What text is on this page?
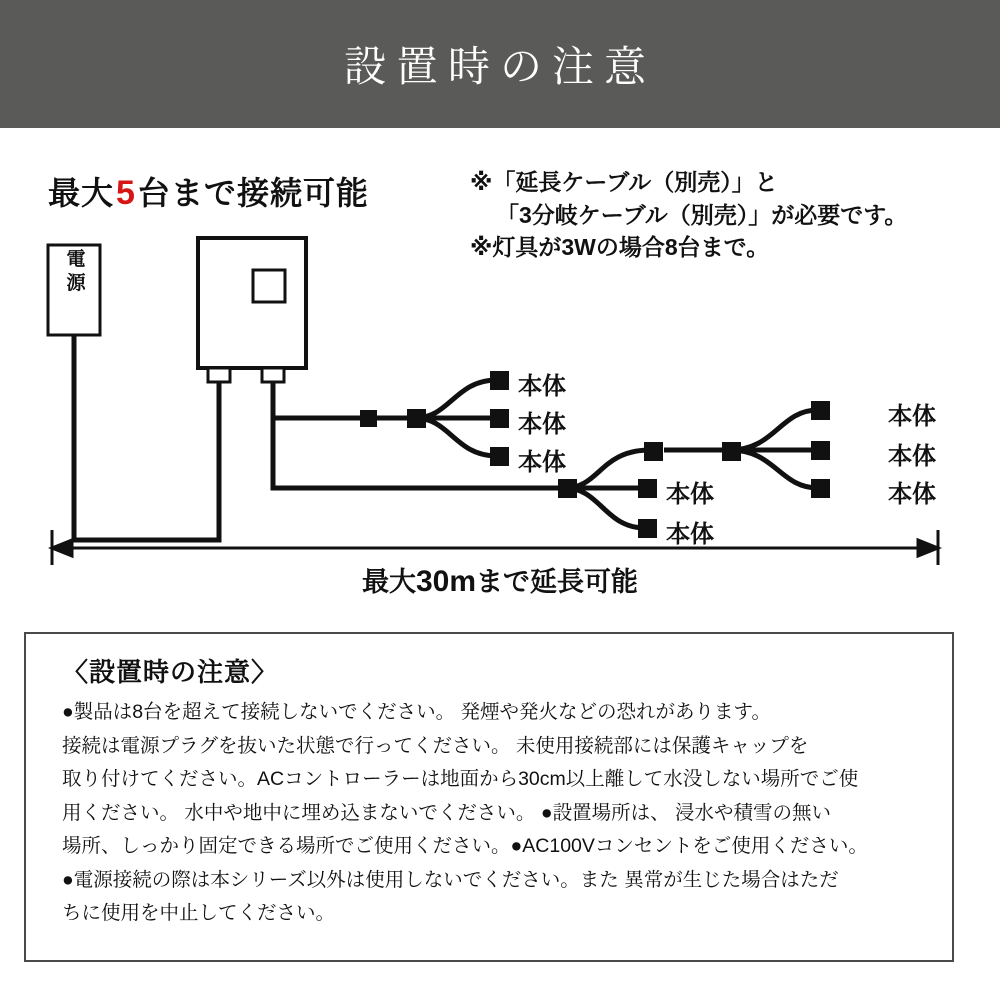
設置時の注意
最大5台まで接続可能	※「延長ケーブル（別売）」と
「3分岐ケーブル（別売）」が必要です。
※灯具が3Wの場合8台まで。
電
源
本体
本体
本体
本体
本体
本体
本体
本体
最大30mまで延長可能
〈設置時の注意〉

●製品は8台を超えて接続しないでください。 発煙や発火などの恐れがあります。

接続は電源プラグを抜いた状態で行ってください。 未使用接続部には保護キャップを

取り付けてください。ACコントローラーは地面から30cm以上離して水没しない場所でご使

用ください。 水中や地中に埋め込まないでください。 ●設置場所は、 浸水や積雪の無い

場所、しっかり固定できる場所でご使用ください。●AC100Vコンセントをご使用ください。

●電源接続の際は本シリーズ以外は使用しないでください。また 異常が生じた場合はただ

ちに使用を中止してください。
